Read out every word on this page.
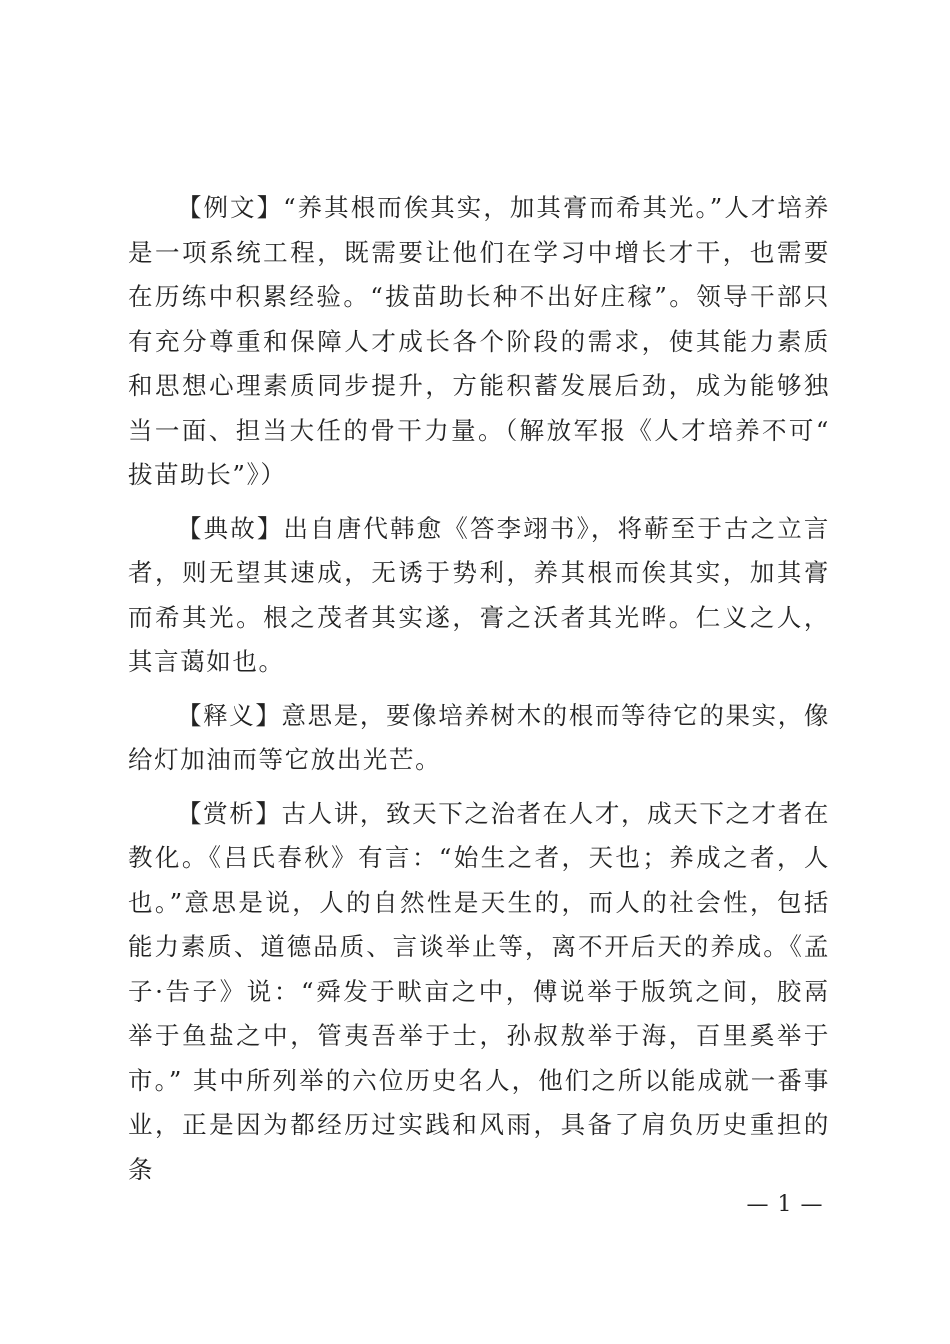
【例文】“养其根而俟其实，加其膏而希其光。”人才培养是一项系统工程，既需要让他们在学习中增长才干，也需要在历练中积累经验。“拔苗助长种不出好庄稼”。领导干部只有充分尊重和保障人才成长各个阶段的需求，使其能力素质和思想心理素质同步提升，方能积蓄发展后劲，成为能够独当一面、担当大任的骨干力量。（解放军报《人才培养不可“拔苗助长”》）

【典故】出自唐代韩愈《答李翊书》，将蕲至于古之立言者，则无望其速成，无诱于势利，养其根而俟其实，加其膏而希其光。根之茂者其实遂，膏之沃者其光晔。仁义之人，其言蔼如也。

【释义】意思是，要像培养树木的根而等待它的果实，像给灯加油而等它放出光芒。

【赏析】古人讲，致天下之治者在人才，成天下之才者在教化。《吕氏春秋》有言：“始生之者，天也；养成之者，人也。”意思是说，人的自然性是天生的，而人的社会性，包括能力素质、道德品质、言谈举止等，离不开后天的养成。《孟子·告子》说：“舜发于畎亩之中，傅说举于版筑之间，胶鬲举于鱼盐之中，管夷吾举于士，孙叔敖举于海，百里奚举于市。” 其中所列举的六位历史名人，他们之所以能成就一番事业，正是因为都经历过实践和风雨，具备了肩负历史重担的条

— 1 —
